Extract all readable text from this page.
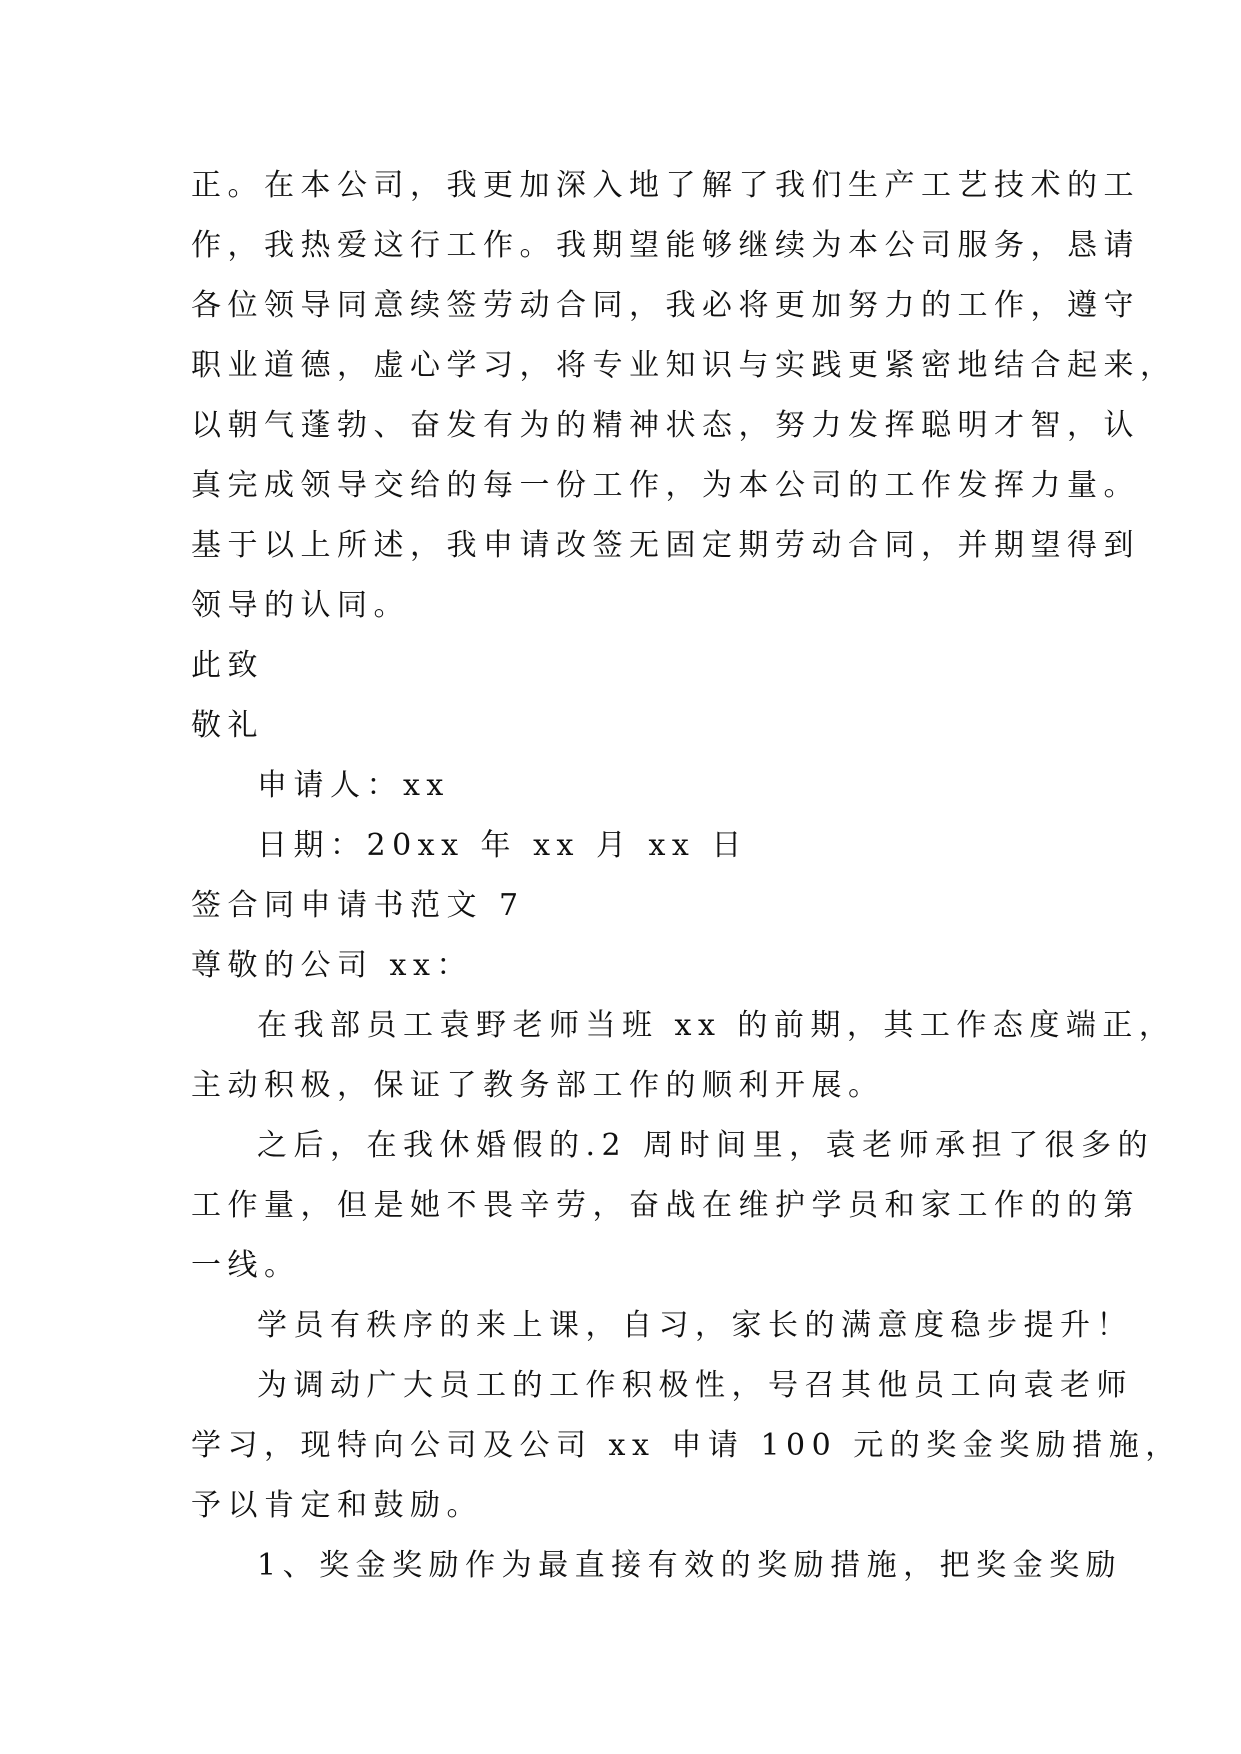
正。在本公司，我更加深入地了解了我们生产工艺技术的工
作，我热爱这行工作。我期望能够继续为本公司服务，恳请
各位领导同意续签劳动合同，我必将更加努力的工作，遵守
职业道德，虚心学习，将专业知识与实践更紧密地结合起来，
以朝气蓬勃、奋发有为的精神状态，努力发挥聪明才智，认
真完成领导交给的每一份工作，为本公司的工作发挥力量。
基于以上所述，我申请改签无固定期劳动合同，并期望得到
领导的认同。
此致
敬礼
申请人：xx
日期：20xx 年 xx 月 xx 日
签合同申请书范文 7
尊敬的公司 xx：
在我部员工袁野老师当班 xx 的前期，其工作态度端正，
主动积极，保证了教务部工作的顺利开展。
之后，在我休婚假的.2 周时间里，袁老师承担了很多的
工作量，但是她不畏辛劳，奋战在维护学员和家工作的的第
一线。
学员有秩序的来上课，自习，家长的满意度稳步提升！
为调动广大员工的工作积极性，号召其他员工向袁老师
学习，现特向公司及公司 xx 申请 100 元的奖金奖励措施，
予以肯定和鼓励。
1、奖金奖励作为最直接有效的奖励措施，把奖金奖励
